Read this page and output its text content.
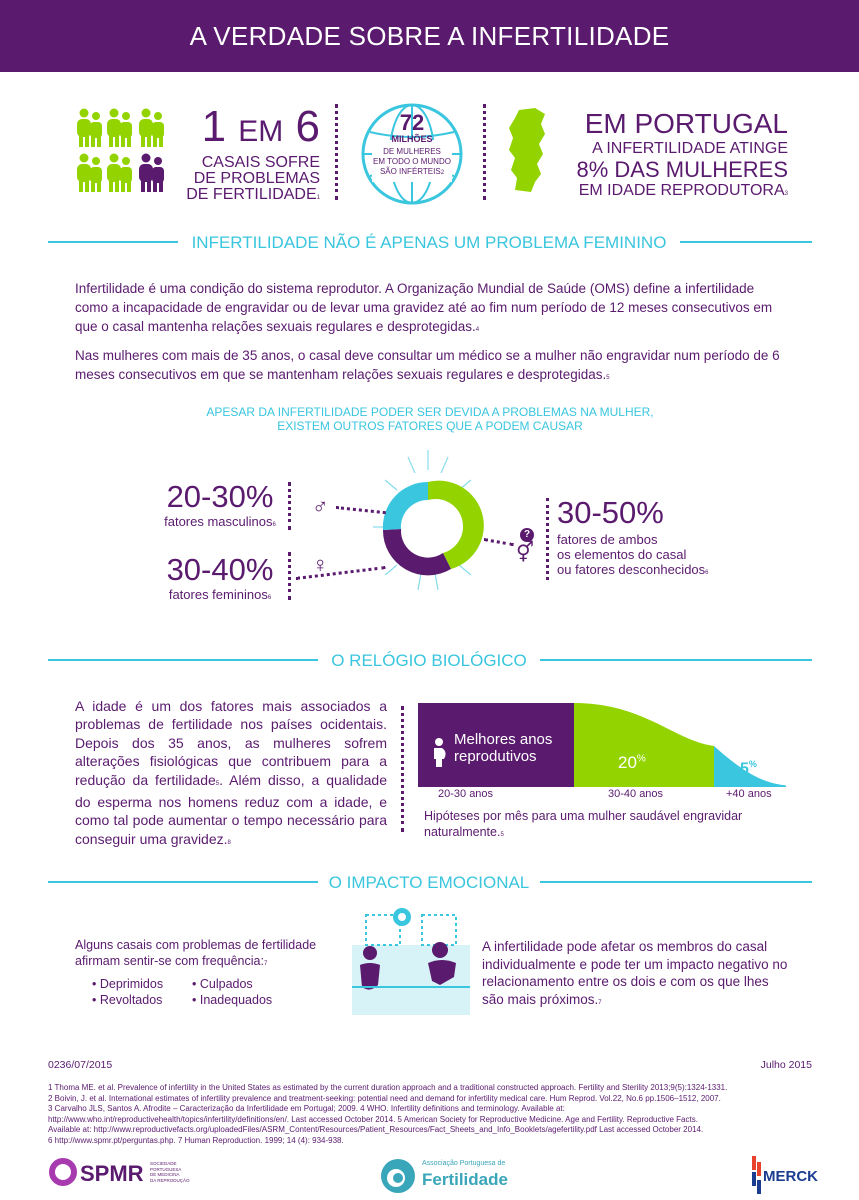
A VERDADE SOBRE A INFERTILIDADE
1 EM 6
CASAIS SOFRE
DE PROBLEMAS
DE FERTILIDADE1
72
MILHÕES
DE MULHERES
EM TODO O MUNDO
SÃO INFÉRTEIS2
EM PORTUGAL
A INFERTILIDADE ATINGE
8% DAS MULHERES
EM IDADE REPRODUTORA3
INFERTILIDADE NÃO É APENAS UM PROBLEMA FEMININO
Infertilidade é uma condição do sistema reprodutor. A Organização Mundial de Saúde (OMS) define a infertilidade como a incapacidade de engravidar ou de levar uma gravidez até ao fim num período de 12 meses consecutivos em que o casal mantenha relações sexuais regulares e desprotegidas.4
Nas mulheres com mais de 35 anos, o casal deve consultar um médico se a mulher não engravidar num período de 6 meses consecutivos em que se mantenham relações sexuais regulares e desprotegidas.5
APESAR DA INFERTILIDADE PODER SER DEVIDA A PROBLEMAS NA MULHER,
EXISTEM OUTROS FATORES QUE A PODEM CAUSAR
20-30%
fatores masculinos6
♂
30-40%
fatores femininos6
♀
?
⚥
30-50%
fatores de ambos
os elementos do casal
ou fatores desconhecidos6
O RELÓGIO BIOLÓGICO
A idade é um dos fatores mais associados a problemas de fertilidade nos países ocidentais. Depois dos 35 anos, as mulheres sofrem alterações fisiológicas que contribuem para a redução da fertilidade5. Além disso, a qualidade do esperma nos homens reduz com a idade, e como tal pode aumentar o tempo necessário para conseguir uma gravidez.8
Melhores anos
reprodutivos	20%
5%
20-30 anos	30-40 anos	+40 anos
Hipóteses por mês para uma mulher saudável engravidar naturalmente.5
O IMPACTO EMOCIONAL
Alguns casais com problemas de fertilidade
afirmam sentir-se com frequência:7
• Deprimidos • Culpados
• Revoltados • Inadequados
A infertilidade pode afetar os membros do casal individualmente e pode ter um impacto negativo no relacionamento entre os dois e com os que lhes são mais próximos.7
0236/07/2015	Julho 2015
1 Thoma ME. et al. Prevalence of infertility in the United States as estimated by the current duration approach and a traditional constructed approach. Fertility and Sterility 2013;9(5):1324-1331.
2 Boivin, J. et al. International estimates of infertility prevalence and treatment-seeking: potential need and demand for infertility medical care. Hum Reprod. Vol.22, No.6 pp.1506–1512, 2007.
3 Carvalho JLS, Santos A. Afrodite – Caracterização da Infertilidade em Portugal; 2009. 4 WHO. Infertility definitions and terminology. Available at:
http://www.who.int/reproductivehealth/topics/infertility/definitions/en/. Last accessed October 2014. 5 American Society for Reproductive Medicine. Age and Fertility. Reproductive Facts.
Available at: http://www.reproductivefacts.org/uploadedFiles/ASRM_Content/Resources/Patient_Resources/Fact_Sheets_and_Info_Booklets/agefertility.pdf Last accessed October 2014.
6 http://www.spmr.pt/perguntas.php. 7 Human Reproduction. 1999; 14 (4): 934-938.
SPMR SOCIEDADE
PORTUGUESA
DE MEDICINA
DA REPRODUÇÃO
Associação Portuguesa de
Fertilidade	MERCK
